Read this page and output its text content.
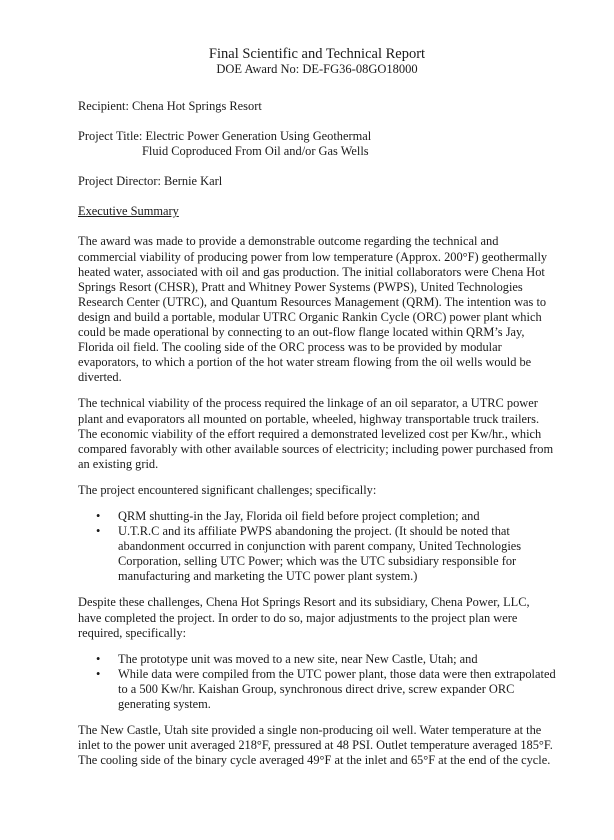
Final Scientific and Technical Report
DOE Award No: DE-FG36-08GO18000

Recipient: Chena Hot Springs Resort

Project Title: Electric Power Generation Using Geothermal

Fluid Coproduced From Oil and/or Gas Wells

Project Director: Bernie Karl

Executive Summary

The award was made to provide a demonstrable outcome regarding the technical and commercial viability of producing power from low temperature (Approx. 200°F) geothermally heated water, associated with oil and gas production. The initial collaborators were Chena Hot Springs Resort (CHSR), Pratt and Whitney Power Systems (PWPS), United Technologies Research Center (UTRC), and Quantum Resources Management (QRM). The intention was to design and build a portable, modular UTRC Organic Rankin Cycle (ORC) power plant which could be made operational by connecting to an out-flow flange located within QRM’s Jay, Florida oil field. The cooling side of the ORC process was to be provided by modular evaporators, to which a portion of the hot water stream flowing from the oil wells would be diverted.

The technical viability of the process required the linkage of an oil separator, a UTRC power plant and evaporators all mounted on portable, wheeled, highway transportable truck trailers. The economic viability of the effort required a demonstrated levelized cost per Kw/hr., which compared favorably with other available sources of electricity; including power purchased from an existing grid.

The project encountered significant challenges; specifically:

• QRM shutting-in the Jay, Florida oil field before project completion; and
• U.T.R.C and its affiliate PWPS abandoning the project. (It should be noted that abandonment occurred in conjunction with parent company, United Technologies Corporation, selling UTC Power; which was the UTC subsidiary responsible for manufacturing and marketing the UTC power plant system.)

Despite these challenges, Chena Hot Springs Resort and its subsidiary, Chena Power, LLC, have completed the project. In order to do so, major adjustments to the project plan were required, specifically:

• The prototype unit was moved to a new site, near New Castle, Utah; and
• While data were compiled from the UTC power plant, those data were then extrapolated to a 500 Kw/hr. Kaishan Group, synchronous direct drive, screw expander ORC generating system.

The New Castle, Utah site provided a single non-producing oil well. Water temperature at the inlet to the power unit averaged 218°F, pressured at 48 PSI. Outlet temperature averaged 185°F. The cooling side of the binary cycle averaged 49°F at the inlet and 65°F at the end of the cycle.
